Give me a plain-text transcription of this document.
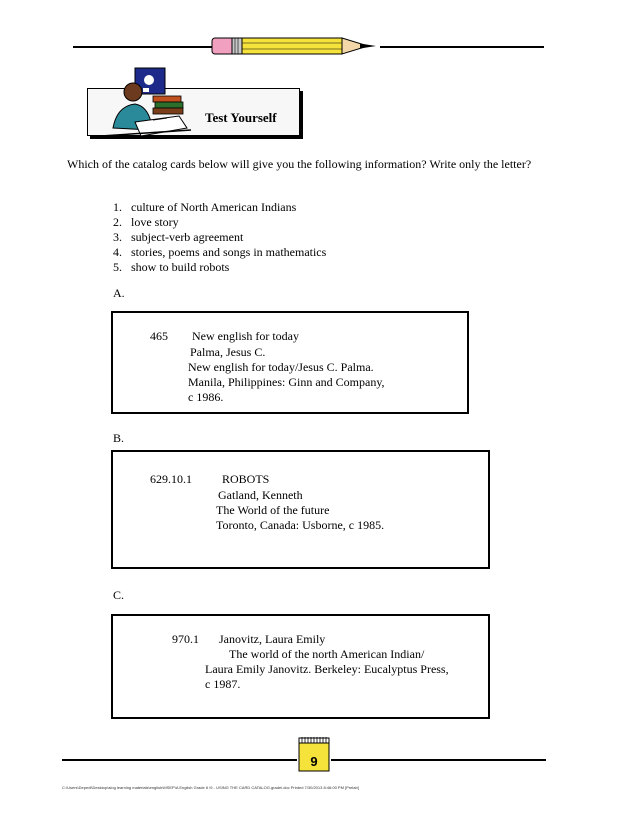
Test Yourself
Which of the catalog cards below will give you the following information? Write only the letter?
1. culture of North American Indians
2. love story
3. subject-verb agreement
4. stories, poems and songs in mathematics
5. show to build robots
A.
465 New english for today
Palma, Jesus C.
New english for today/Jesus C. Palma.
Manila, Philippines: Ginn and Company,
c 1986.
B.
629.10.1	ROBOTS
Gatland, Kenneth
The World of the future
Toronto, Canada: Usborne, c 1985.
C.
970.1 Janovitz, Laura Emily
The world of the north American Indian/
Laura Emily Janovitz. Berkeley: Eucalyptus Press,
c 1987.
9
C:\Users\Depedl\Desktop\alog learning materials\english\MSEP\A English Grade 6 \9 - USING THE CARD CATALOG.gradel.doc Printed 7/30/2013 8:46:00 PM [Prelab]
